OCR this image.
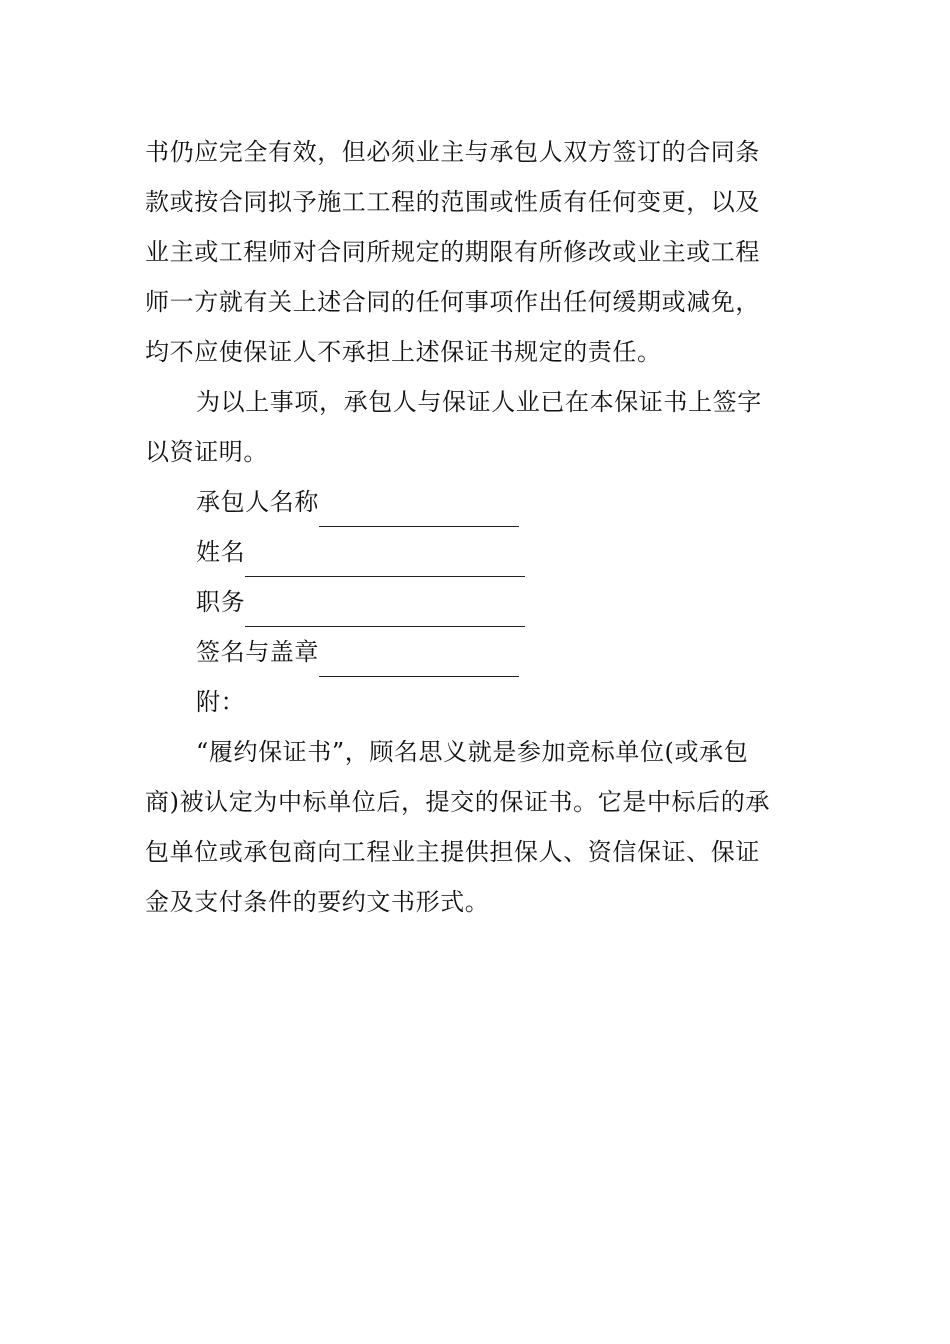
书仍应完全有效，但必须业主与承包人双方签订的合同条
款或按合同拟予施工工程的范围或性质有任何变更，以及
业主或工程师对合同所规定的期限有所修改或业主或工程
师一方就有关上述合同的任何事项作出任何缓期或减免，
均不应使保证人不承担上述保证书规定的责任。
为以上事项，承包人与保证人业已在本保证书上签字
以资证明。
承包人名称
姓名
职务
签名与盖章
附：
“履约保证书”，顾名思义就是参加竞标单位(或承包
商)被认定为中标单位后，提交的保证书。它是中标后的承
包单位或承包商向工程业主提供担保人、资信保证、保证
金及支付条件的要约文书形式。
